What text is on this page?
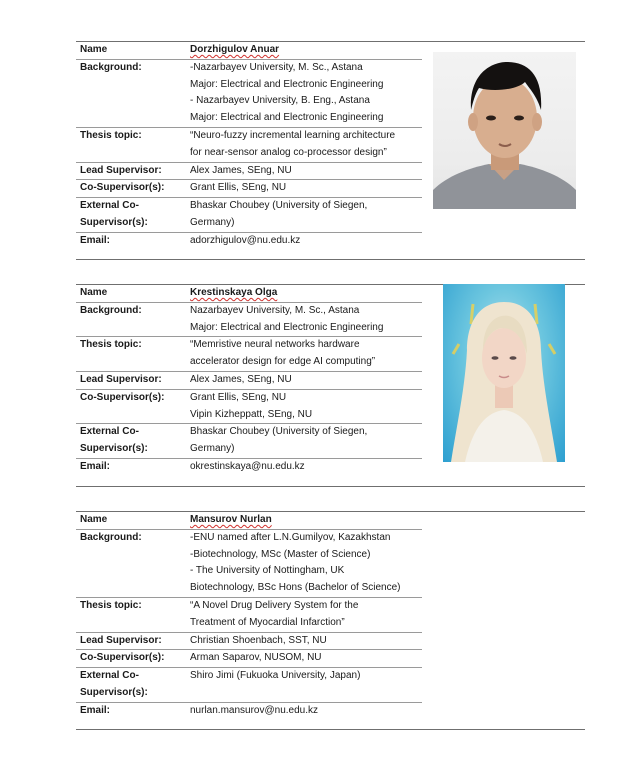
Name	Dorzhigulov Anuar

Background:	-Nazarbayev University, M. Sc., Astana
Major: Electrical and Electronic Engineering
- Nazarbayev University, B. Eng., Astana
Major: Electrical and Electronic Engineering

Thesis topic:	“Neuro-fuzzy incremental learning architecture
for near-sensor analog co-processor design”

Lead Supervisor:	Alex James, SEng, NU
Co-Supervisor(s):	Grant Ellis, SEng, NU

External Co-
Supervisor(s):	Bhaskar Choubey (University of Siegen,
Germany)

Email:	adorzhigulov@nu.edu.kz
Name	Krestinskaya Olga

Background:	Nazarbayev University, M. Sc., Astana
Major: Electrical and Electronic Engineering

Thesis topic:	“Memristive neural networks hardware
accelerator design for edge AI computing”

Lead Supervisor:	Alex James, SEng, NU
Co-Supervisor(s):	Grant Ellis, SEng, NU
Vipin Kizheppatt, SEng, NU

External Co-
Supervisor(s):	Bhaskar Choubey (University of Siegen,
Germany)

Email:	okrestinskaya@nu.edu.kz
Name	Mansurov Nurlan

Background:	-ENU named after L.N.Gumilyov, Kazakhstan
-Biotechnology, MSc (Master of Science)
- The University of Nottingham, UK
Biotechnology, BSc Hons (Bachelor of Science)

Thesis topic:	“A Novel Drug Delivery System for the
Treatment of Myocardial Infarction”

Lead Supervisor:	Christian Shoenbach, SST, NU
Co-Supervisor(s):	Arman Saparov, NUSOM, NU

External Co-
Supervisor(s):	Shiro Jimi (Fukuoka University, Japan)

Email:	nurlan.mansurov@nu.edu.kz
